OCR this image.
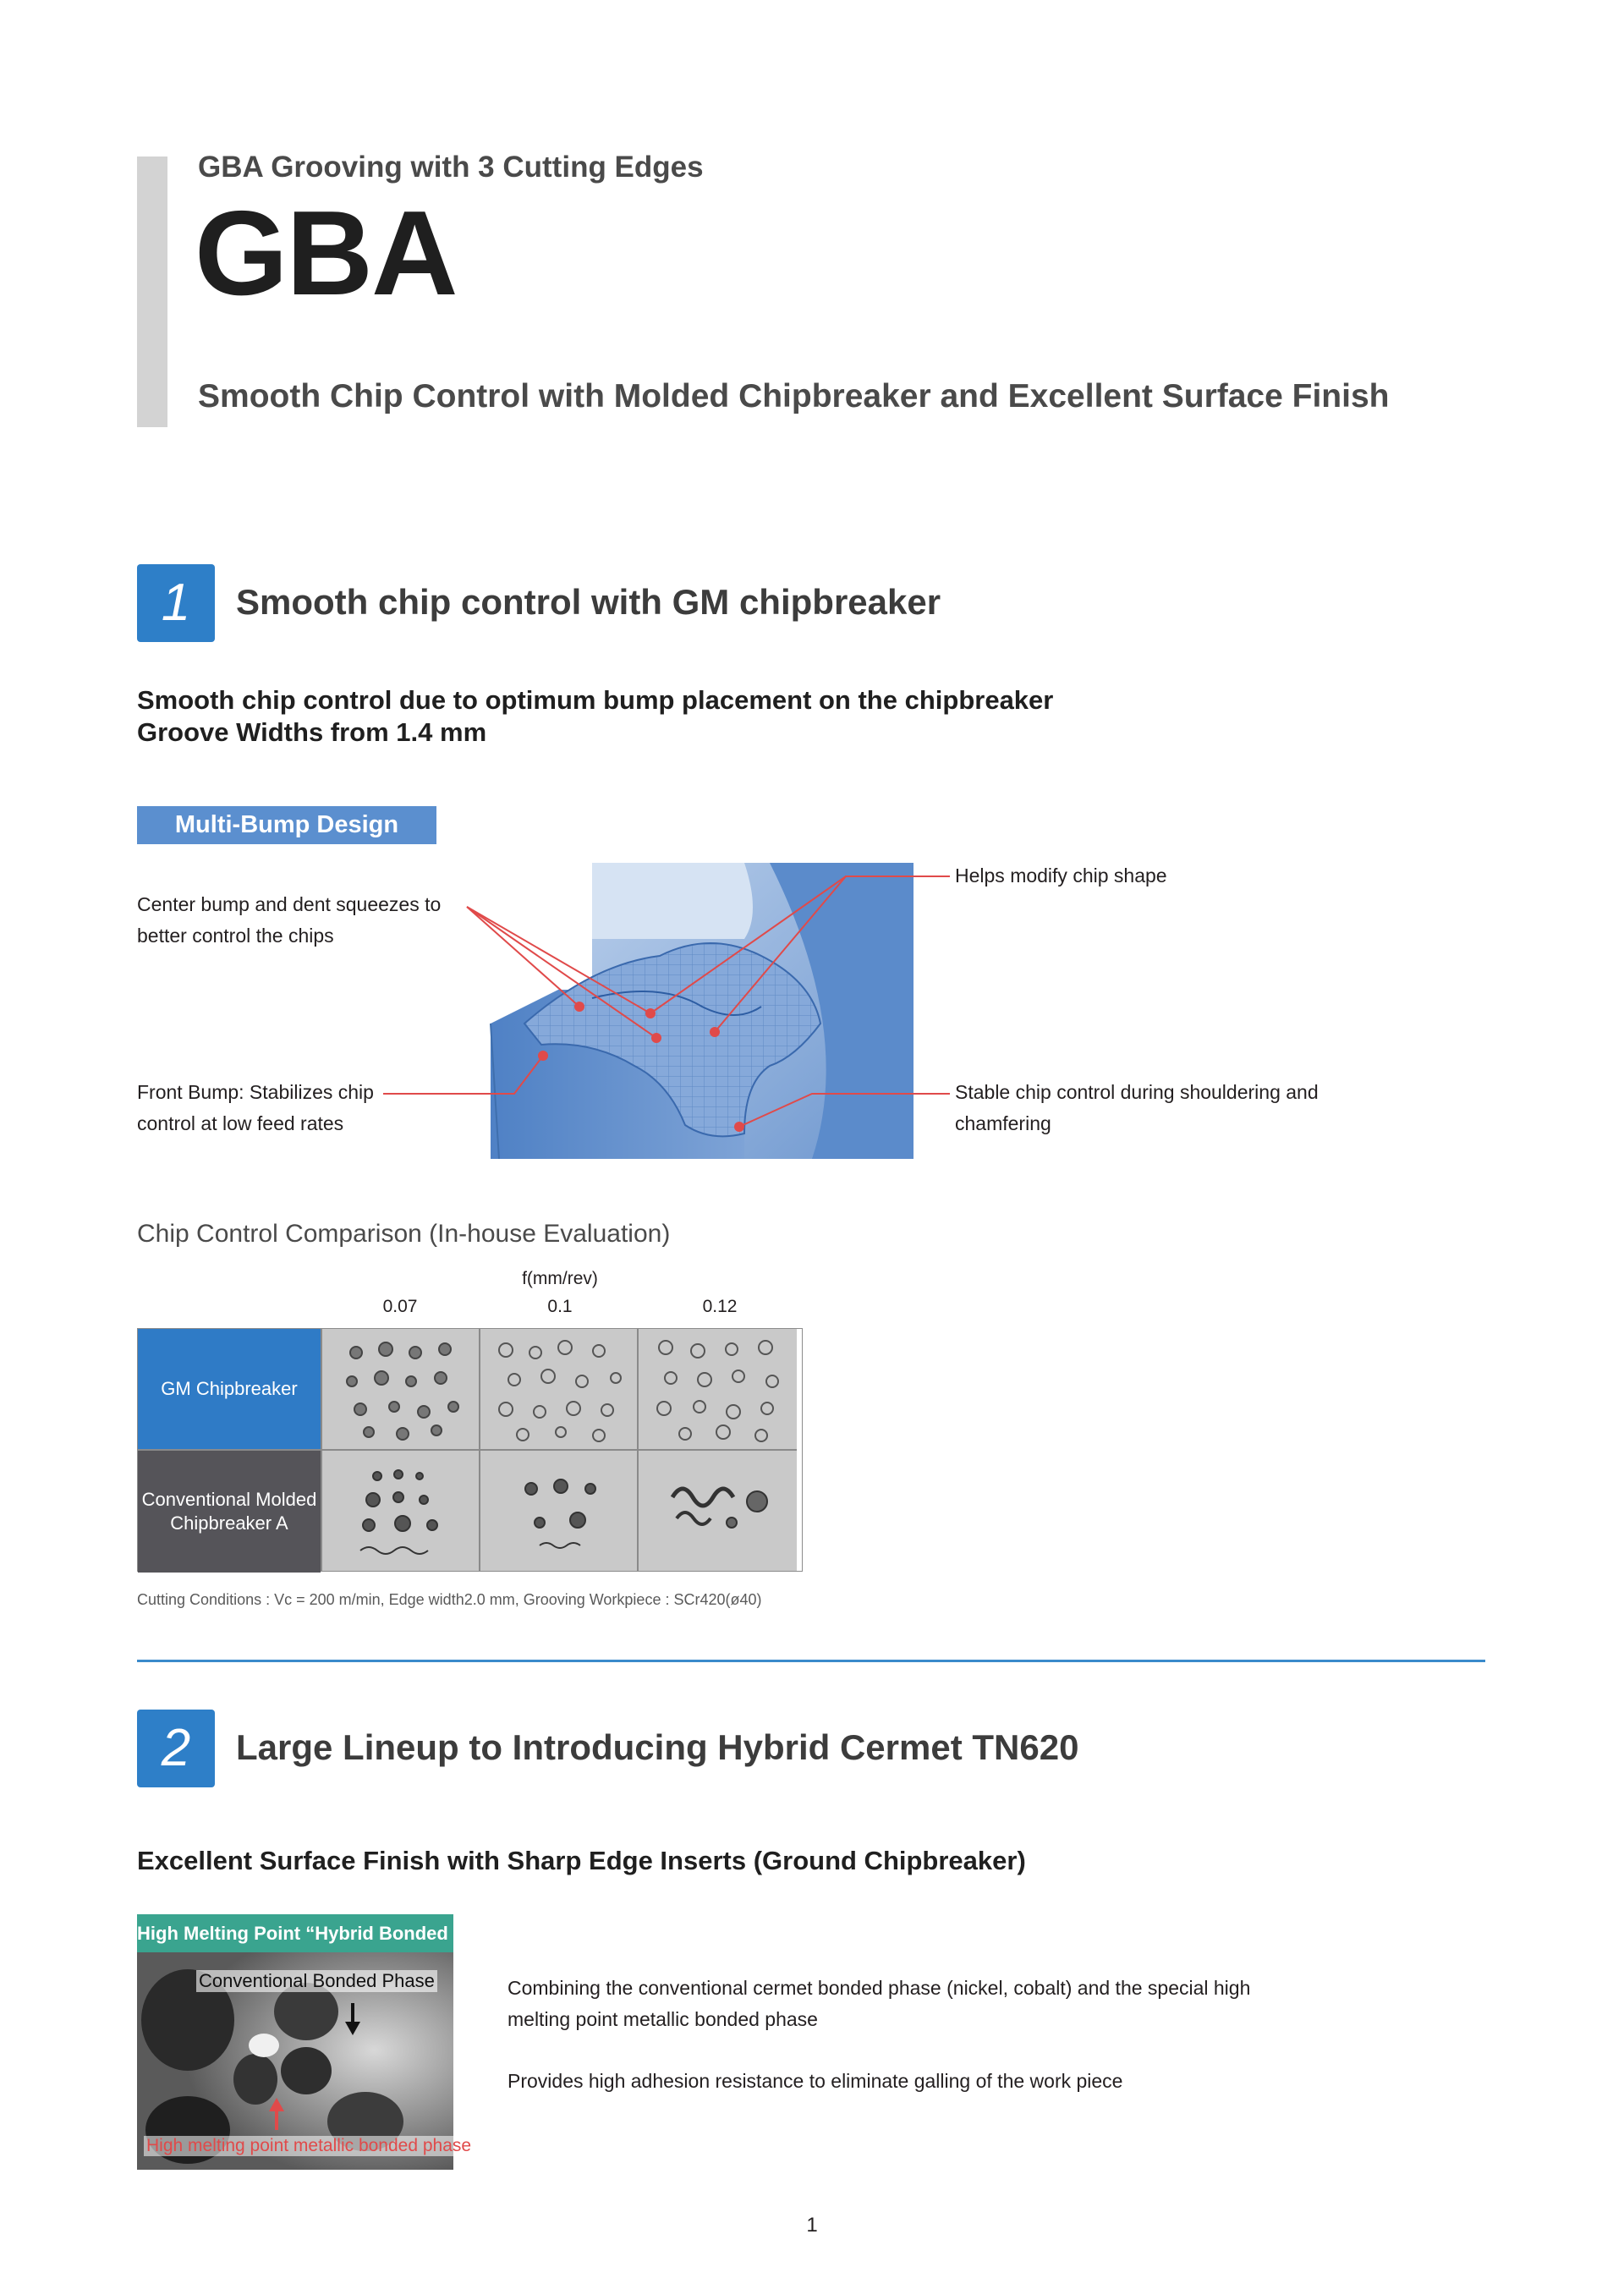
GBA Grooving with 3 Cutting Edges
GBA
Smooth Chip Control with Molded Chipbreaker and Excellent Surface Finish
1	Smooth chip control with GM chipbreaker
Smooth chip control due to optimum bump placement on the chipbreaker
Groove Widths from 1.4 mm
Multi-Bump Design
Center bump and dent squeezes to better control the chips
Front Bump: Stabilizes chip control at low feed rates
Helps modify chip shape
Stable chip control during shouldering and chamfering
Chip Control Comparison (In-house Evaluation)
f(mm/rev)
0.07	0.1	0.12
GM Chipbreaker
Conventional Molded Chipbreaker A
Cutting Conditions : Vc = 200 m/min, Edge width2.0 mm, Grooving Workpiece : SCr420(ø40)
2	Large Lineup to Introducing Hybrid Cermet TN620
Excellent Surface Finish with Sharp Edge Inserts (Ground Chipbreaker)
High Melting Point “Hybrid Bonded Phase”
Conventional Bonded Phase
High melting point metallic bonded phase
Combining the conventional cermet bonded phase (nickel, cobalt) and the special high melting point metallic bonded phase
Provides high adhesion resistance to eliminate galling of the work piece
1
